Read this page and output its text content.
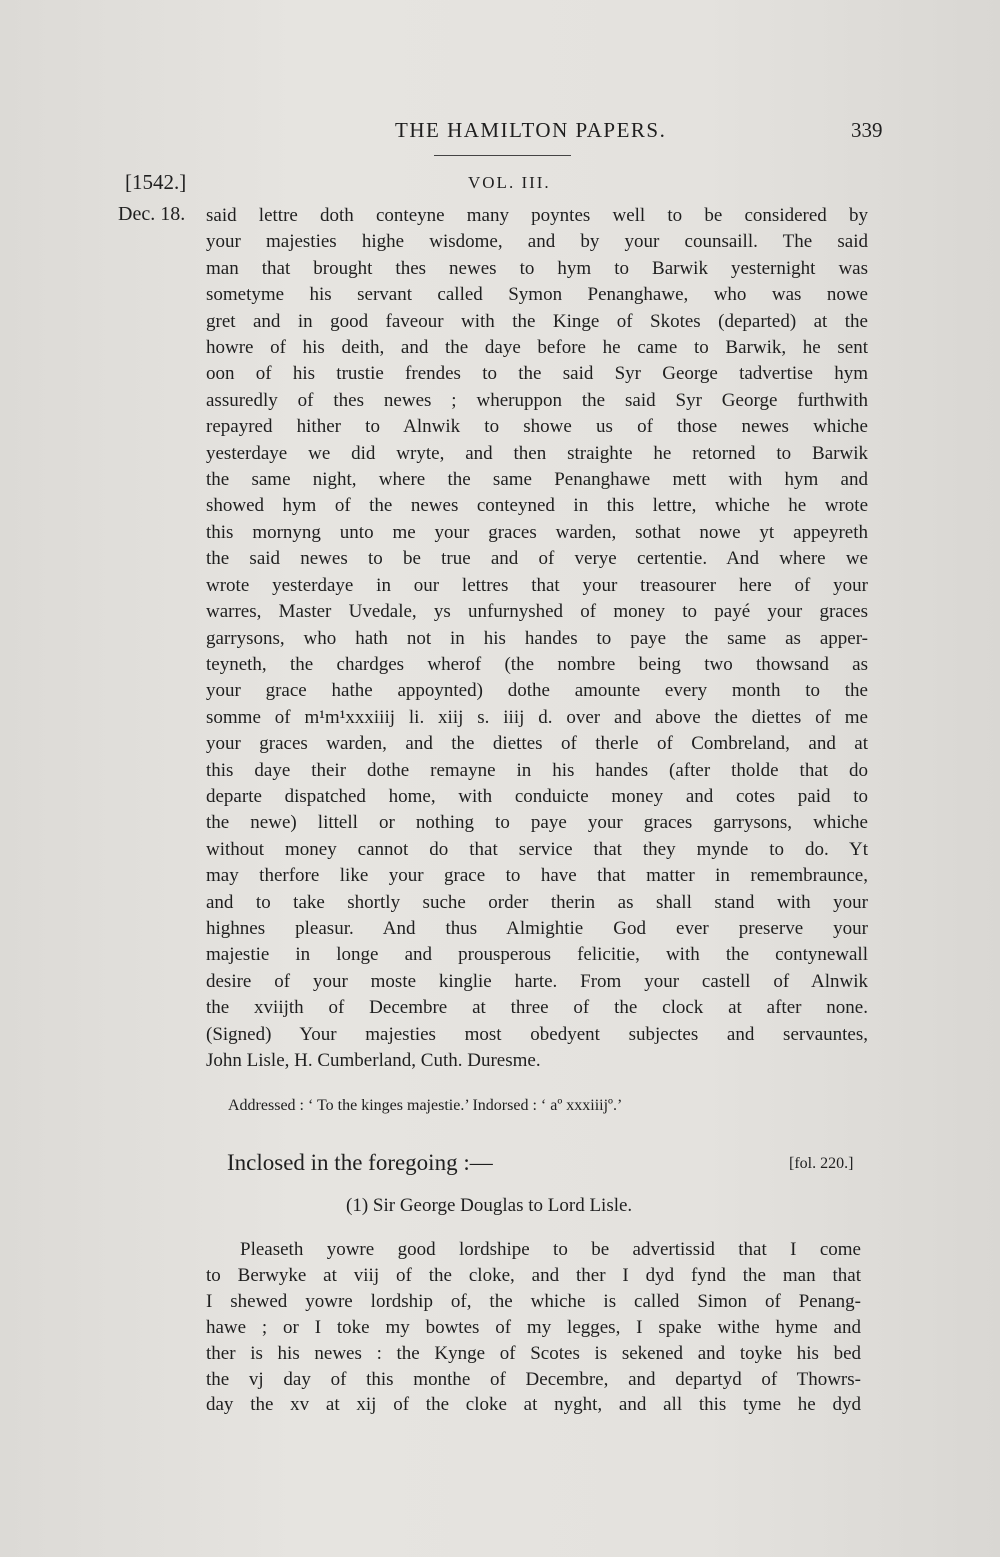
THE HAMILTON PAPERS.	339
[1542.]	VOL. III.
Dec. 18. said lettre doth conteyne many poyntes well to be considered by
your majesties highe wisdome, and by your counsaill. The said
man that brought thes newes to hym to Barwik yesternight was
sometyme his servant called Symon Penanghawe, who was nowe
gret and in good faveour with the Kinge of Skotes (departed) at the
howre of his deith, and the daye before he came to Barwik, he sent
oon of his trustie frendes to the said Syr George tadvertise hym
assuredly of thes newes ; wheruppon the said Syr George furthwith
repayred hither to Alnwik to showe us of those newes whiche
yesterdaye we did wryte, and then straighte he retorned to Barwik
the same night, where the same Penanghawe mett with hym and
showed hym of the newes conteyned in this lettre, whiche he wrote
this mornyng unto me your graces warden, sothat nowe yt appeyreth
the said newes to be true and of verye certentie. And where we
wrote yesterdaye in our lettres that your treasourer here of your
warres, Master Uvedale, ys unfurnyshed of money to payé your graces
garrysons, who hath not in his handes to paye the same as apper-
teyneth, the chardges wherof (the nombre being two thowsand as
your grace hathe appoynted) dothe amounte every month to the
somme of m¹m¹xxxiiij li. xiij s. iiij d. over and above the diettes of me
your graces warden, and the diettes of therle of Combreland, and at
this daye their dothe remayne in his handes (after tholde that do
departe dispatched home, with conduicte money and cotes paid to
the newe) littell or nothing to paye your graces garrysons, whiche
without money cannot do that service that they mynde to do. Yt
may therfore like your grace to have that matter in remembraunce,
and to take shortly suche order therin as shall stand with your
highnes pleasur. And thus Almightie God ever preserve your
majestie in longe and prousperous felicitie, with the contynewall
desire of your moste kinglie harte. From your castell of Alnwik
the xviijth of Decembre at three of the clock at after none.
(Signed) Your majesties most obedyent subjectes and servauntes,
John Lisle, H. Cumberland, Cuth. Duresme.
Addressed : ‘ To the kinges majestie.’ Indorsed : ‘ aº xxxiiijº.’
Inclosed in the foregoing :—	[fol. 220.]
(1) Sir George Douglas to Lord Lisle.
Pleaseth yowre good lordshipe to be advertissid that I come
to Berwyke at viij of the cloke, and ther I dyd fynd the man that
I shewed yowre lordship of, the whiche is called Simon of Penang-
hawe ; or I toke my bowtes of my legges, I spake withe hyme and
ther is his newes : the Kynge of Scotes is sekened and toyke his bed
the vj day of this monthe of Decembre, and departyd of Thowrs-
day the xv at xij of the cloke at nyght, and all this tyme he dyd
